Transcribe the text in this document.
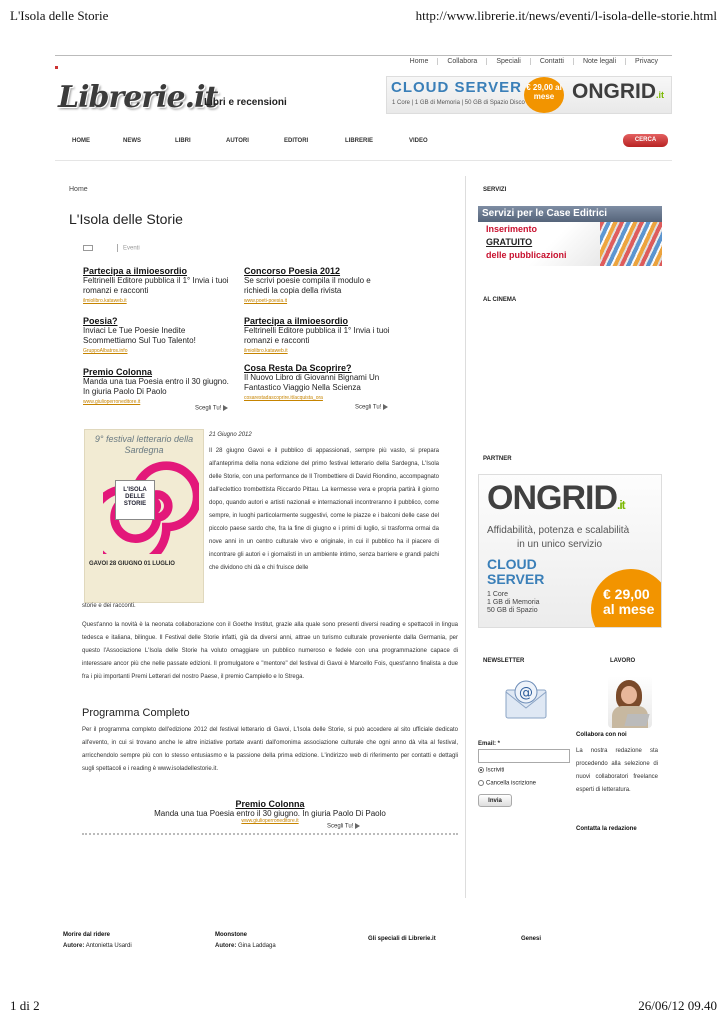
L'Isola delle Storie	http://www.librerie.it/news/eventi/l-isola-delle-storie.html
Home	Collabora	Speciali	Contatti	Note legali	Privacy
Librerie.it
Libri e recensioni
CLOUD SERVER
1 Core | 1 GB di Memoria | 50 GB di Spazio Disco
€ 29,00 al mese ONGRID.it
HOME	NEWS	LIBRI	AUTORI	EDITORI	LIBRERIE	VIDEO	CERCA
Home
L'Isola delle Storie
Eventi
Partecipa a ilmioesordio
Feltrinelli Editore pubblica il 1° Invia i tuoi romanzi e racconti
ilmiolibro.kataweb.it
Concorso Poesia 2012
Se scrivi poesie compila il modulo e richiedi la copia della rivista
www.poeti-poesia.it
Poesia?
Inviaci Le Tue Poesie Inedite Scommettiamo Sul Tuo Talento!
GruppoAlbatros.info
Partecipa a ilmioesordio
Feltrinelli Editore pubblica il 1° Invia i tuoi romanzi e racconti
ilmiolibro.kataweb.it
Premio Colonna
Manda una tua Poesia entro il 30 giugno. In giuria Paolo Di Paolo
www.giulioperroneditore.it
Cosa Resta Da Scoprire?
Il Nuovo Libro di Giovanni Bignami Un Fantastico Viaggio Nella Scienza
cosarestadascoprire.it/acquista_ora
Scegli Tu!	Scegli Tu!
9° festival letterario della Sardegna
L'ISOLA DELLE STORIE
GAVOI 28 GIUGNO 01 LUGLIO
21 Giugno 2012
Il 28 giugno Gavoi e il pubblico di appassionati, sempre più vasto, si prepara all'anteprima della nona edizione del primo festival letterario della Sardegna, L'Isola delle Storie, con una performance de Il Trombettiere di David Riondino, accompagnato dall'eclettico trombettista Riccardo Pittau. La kermesse vera e propria partirà il giorno dopo, quando autori e artisti nazionali e internazionali incontreranno il pubblico, come sempre, in luoghi particolarmente suggestivi, come le piazze e i balconi delle case del piccolo paese sardo che, fra la fine di giugno e i primi di luglio, si trasforma ormai da nove anni in un centro culturale vivo e originale, in cui il pubblico ha il piacere di incontrare gli autori e i giornalisti in un ambiente intimo, senza barriere e grandi palchi che dividono chi dà e chi fruisce delle
storie e dei racconti.
Quest'anno la novità è la neonata collaborazione con il Goethe Institut, grazie alla quale sono presenti diversi reading e spettacoli in lingua tedesca e italiana, bilingue. Il Festival delle Storie infatti, già da diversi anni, attrae un turismo culturale proveniente dalla Germania, per questo l'Associazione L'Isola delle Storie ha voluto omaggiare un pubblico numeroso e fedele con una programmazione capace di interessare ancor più che nelle passate edizioni. Il promulgatore e "mentore" del festival di Gavoi è Marcello Fois, quest'anno finalista a due fra i più importanti Premi Letterari del nostro Paese, il premio Campiello e lo Strega.
Programma Completo
Per il programma completo dell'edizione 2012 del festival letterario di Gavoi, L'Isola delle Storie, si può accedere al sito ufficiale dedicato all'evento, in cui si trovano anche le altre iniziative portate avanti dall'omonima associazione culturale che ogni anno dà vita al festival, arricchendolo sempre più con lo stesso entusiasmo e la passione della prima edizione. L'indirizzo web di riferimento per contatti e dettagli sugli spettacoli e i reading è www.isoladellestorie.it.
Premio Colonna
Manda una tua Poesia entro il 30 giugno. In giuria Paolo Di Paolo
www.giulioperroneditore.it
Scegli Tu!
SERVIZI
Servizi per le Case Editrici
Inserimento
GRATUITO
delle pubblicazioni
AL CINEMA
PARTNER
ONGRID.it
Affidabilità, potenza e scalabilità
in un unico servizio
CLOUD
SERVER
1 Core
1 GB di Memoria
50 GB di Spazio
€ 29,00
al mese
NEWSLETTER	LAVORO
@
Email: *
Iscriviti
Cancella iscrizione
Invia
Collabora con noi
La nostra redazione sta procedendo alla selezione di nuovi collaboratori freelance esperti di letteratura.
Contatta la redazione
Morire dal ridere
Autore: Antonietta Usardi
Moonstone
Autore: Gina Laddaga
Gli speciali di Librerie.it	Genesi
1 di 2	26/06/12 09.40
